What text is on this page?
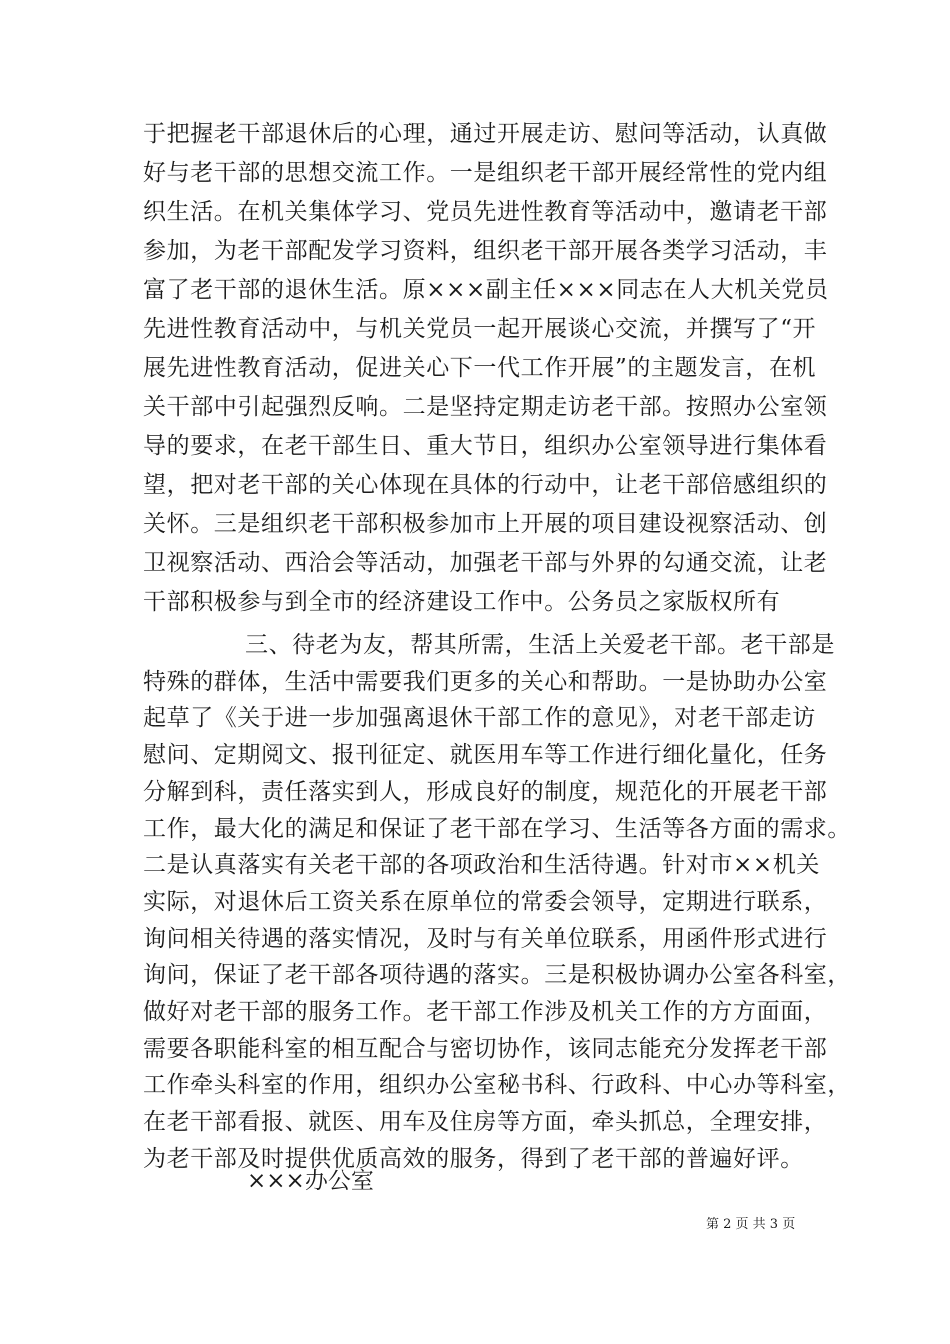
于把握老干部退休后的心理，通过开展走访、慰问等活动，认真做
好与老干部的思想交流工作。一是组织老干部开展经常性的党内组
织生活。在机关集体学习、党员先进性教育等活动中，邀请老干部
参加，为老干部配发学习资料，组织老干部开展各类学习活动，丰
富了老干部的退休生活。原×××副主任×××同志在人大机关党员
先进性教育活动中，与机关党员一起开展谈心交流，并撰写了“开
展先进性教育活动，促进关心下一代工作开展”的主题发言，在机
关干部中引起强烈反响。二是坚持定期走访老干部。按照办公室领
导的要求，在老干部生日、重大节日，组织办公室领导进行集体看
望，把对老干部的关心体现在具体的行动中，让老干部倍感组织的
关怀。三是组织老干部积极参加市上开展的项目建设视察活动、创
卫视察活动、西洽会等活动，加强老干部与外界的勾通交流，让老
干部积极参与到全市的经济建设工作中。公务员之家版权所有
三、待老为友，帮其所需，生活上关爱老干部。老干部是
特殊的群体，生活中需要我们更多的关心和帮助。一是协助办公室
起草了《关于进一步加强离退休干部工作的意见》，对老干部走访
慰问、定期阅文、报刊征定、就医用车等工作进行细化量化，任务
分解到科，责任落实到人，形成良好的制度，规范化的开展老干部
工作，最大化的满足和保证了老干部在学习、生活等各方面的需求。
二是认真落实有关老干部的各项政治和生活待遇。针对市××机关
实际，对退休后工资关系在原单位的常委会领导，定期进行联系，
询问相关待遇的落实情况，及时与有关单位联系，用函件形式进行
询问，保证了老干部各项待遇的落实。三是积极协调办公室各科室，
做好对老干部的服务工作。老干部工作涉及机关工作的方方面面，
需要各职能科室的相互配合与密切协作，该同志能充分发挥老干部
工作牵头科室的作用，组织办公室秘书科、行政科、中心办等科室，
在老干部看报、就医、用车及住房等方面，牵头抓总，全理安排，
×××办公室
第 2 页 共 3 页
为老干部及时提供优质高效的服务，得到了老干部的普遍好评。
